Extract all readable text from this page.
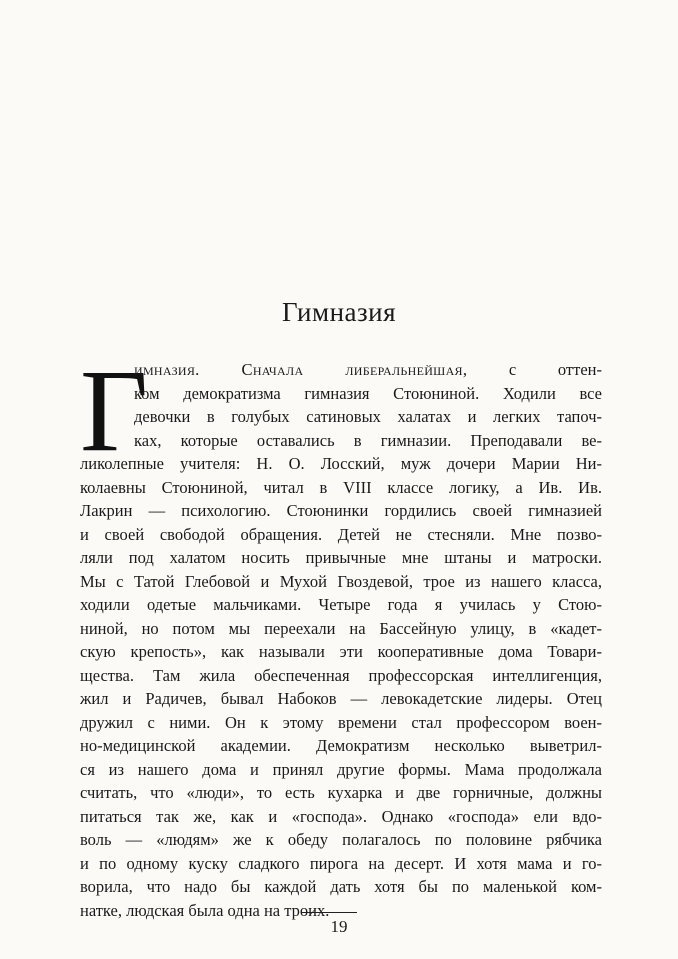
Гимназия
Г
имназия. Сначала либеральнейшая, с оттен-
ком демократизма гимназия Стоюниной. Ходили все
девочки в голубых сатиновых халатах и легких тапоч-
ках, которые оставались в гимназии. Преподавали ве-
ликолепные учителя: Н. О. Лосский, муж дочери Марии Ни-
колаевны Стоюниной, читал в VIII классе логику, а Ив. Ив.
Лакрин — психологию. Стоюнинки гордились своей гимназией
и своей свободой обращения. Детей не стесняли. Мне позво-
ляли под халатом носить привычные мне штаны и матроски.
Мы с Татой Глебовой и Мухой Гвоздевой, трое из нашего класса,
ходили одетые мальчиками. Четыре года я училась у Стою-
ниной, но потом мы переехали на Бассейную улицу, в «кадет-
скую крепость», как называли эти кооперативные дома Товари-
щества. Там жила обеспеченная профессорская интеллигенция,
жил и Радичев, бывал Набоков — левокадетские лидеры. Отец
дружил с ними. Он к этому времени стал профессором воен-
но-медицинской академии. Демократизм несколько выветрил-
ся из нашего дома и принял другие формы. Мама продолжала
считать, что «люди», то есть кухарка и две горничные, должны
питаться так же, как и «господа». Однако «господа» ели вдо-
воль — «людям» же к обеду полагалось по половине рябчика
и по одному куску сладкого пирога на десерт. И хотя мама и го-
ворила, что надо бы каждой дать хотя бы по маленькой ком-
натке, людская была одна на троих.
19
